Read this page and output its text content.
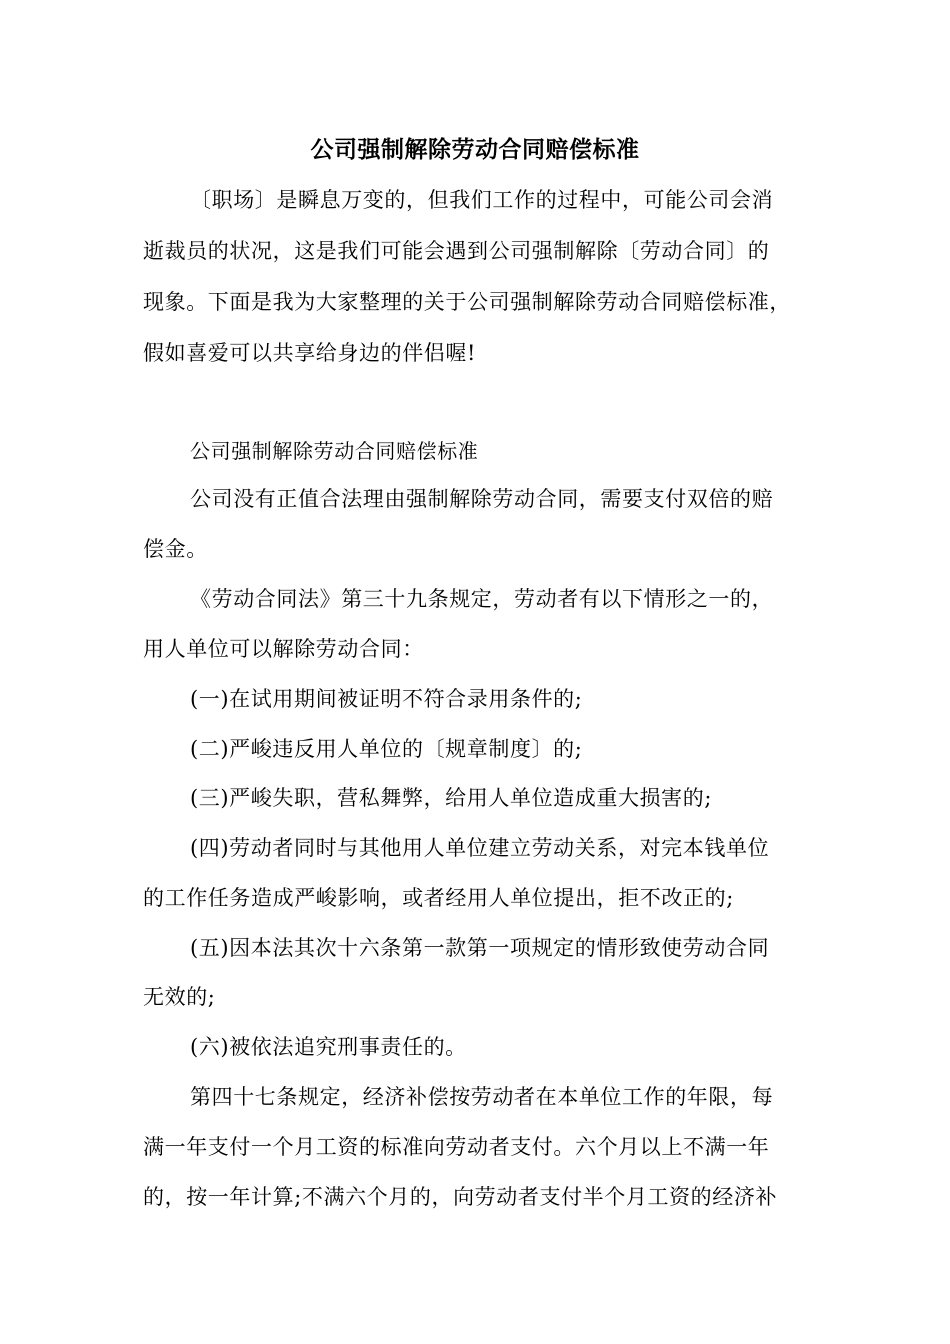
公司强制解除劳动合同赔偿标准
〔职场〕是瞬息万变的，但我们工作的过程中，可能公司会消
逝裁员的状况，这是我们可能会遇到公司强制解除〔劳动合同〕的
现象。下面是我为大家整理的关于公司强制解除劳动合同赔偿标准，
假如喜爱可以共享给身边的伴侣喔!
公司强制解除劳动合同赔偿标准
公司没有正值合法理由强制解除劳动合同，需要支付双倍的赔
偿金。
《劳动合同法》第三十九条规定，劳动者有以下情形之一的，
用人单位可以解除劳动合同：
(一)在试用期间被证明不符合录用条件的;
(二)严峻违反用人单位的〔规章制度〕的;
(三)严峻失职，营私舞弊，给用人单位造成重大损害的;
(四)劳动者同时与其他用人单位建立劳动关系，对完本钱单位
的工作任务造成严峻影响，或者经用人单位提出，拒不改正的;
(五)因本法其次十六条第一款第一项规定的情形致使劳动合同
无效的;
(六)被依法追究刑事责任的。
第四十七条规定，经济补偿按劳动者在本单位工作的年限，每
满一年支付一个月工资的标准向劳动者支付。六个月以上不满一年
的，按一年计算;不满六个月的，向劳动者支付半个月工资的经济补
